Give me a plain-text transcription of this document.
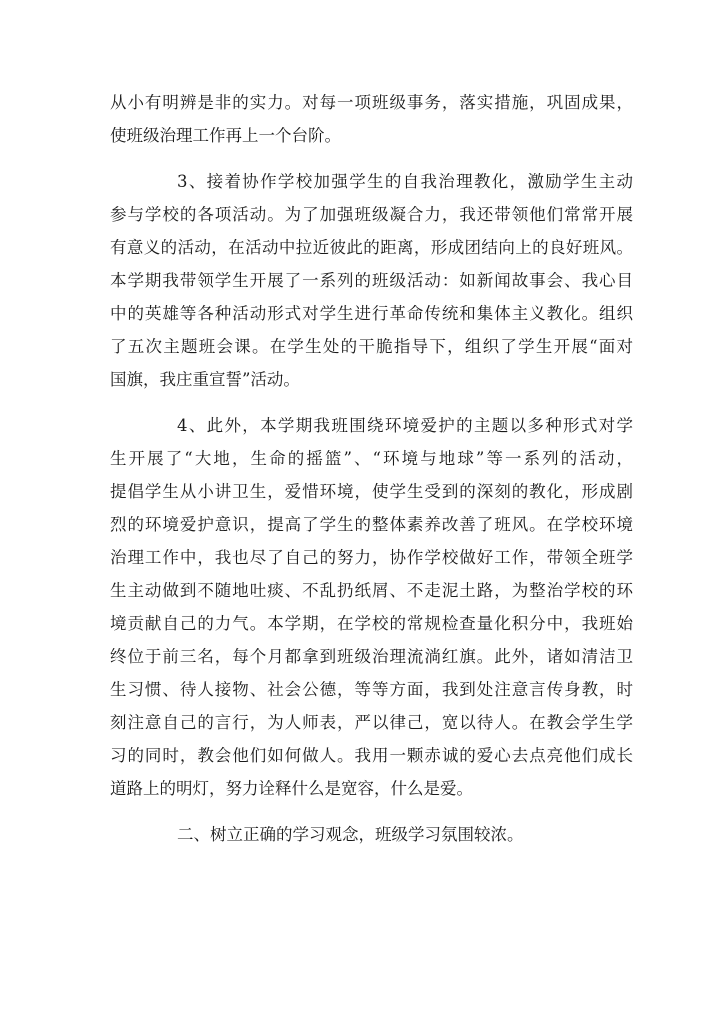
从小有明辨是非的实力。对每一项班级事务，落实措施，巩固成果，
使班级治理工作再上一个台阶。
3、接着协作学校加强学生的自我治理教化，激励学生主动
参与学校的各项活动。为了加强班级凝合力，我还带领他们常常开展
有意义的活动，在活动中拉近彼此的距离，形成团结向上的良好班风。
本学期我带领学生开展了一系列的班级活动：如新闻故事会、我心目
中的英雄等各种活动形式对学生进行革命传统和集体主义教化。组织
了五次主题班会课。在学生处的干脆指导下，组织了学生开展“面对
国旗，我庄重宣誓”活动。
4、此外，本学期我班围绕环境爱护的主题以多种形式对学
生开展了“大地，生命的摇篮”、“环境与地球”等一系列的活动，
提倡学生从小讲卫生，爱惜环境，使学生受到的深刻的教化，形成剧
烈的环境爱护意识，提高了学生的整体素养改善了班风。在学校环境
治理工作中，我也尽了自己的努力，协作学校做好工作，带领全班学
生主动做到不随地吐痰、不乱扔纸屑、不走泥土路，为整治学校的环
境贡献自己的力气。本学期，在学校的常规检查量化积分中，我班始
终位于前三名，每个月都拿到班级治理流淌红旗。此外，诸如清洁卫
生习惯、待人接物、社会公德，等等方面，我到处注意言传身教，时
刻注意自己的言行，为人师表，严以律己，宽以待人。在教会学生学
习的同时，教会他们如何做人。我用一颗赤诚的爱心去点亮他们成长
道路上的明灯，努力诠释什么是宽容，什么是爱。
二、树立正确的学习观念，班级学习氛围较浓。
